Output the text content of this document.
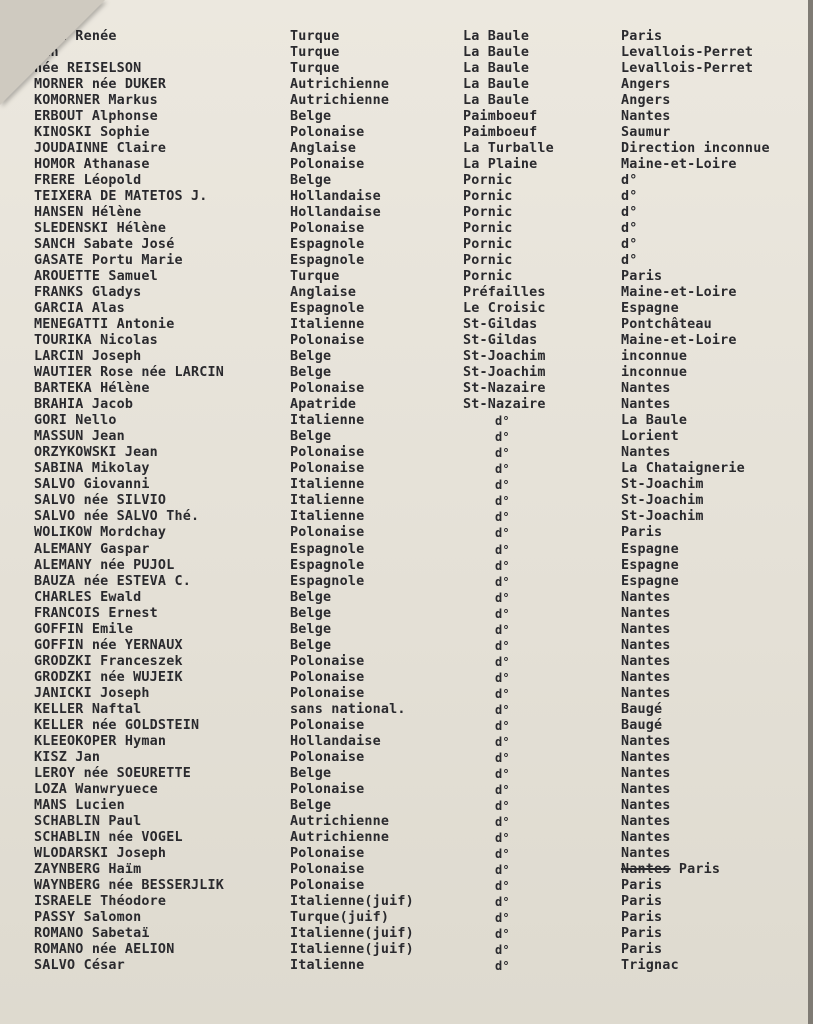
OHEN Renée	Turque	La Baule	Paris
ain	Turque	La Baule	Levallois-Perret
née REISELSON	Turque	La Baule	Levallois-Perret
MORNER née DUKER	Autrichienne	La Baule	Angers
KOMORNER Markus	Autrichienne	La Baule	Angers
ERBOUT Alphonse	Belge	Paimboeuf	Nantes
KINOSKI Sophie	Polonaise	Paimboeuf	Saumur
JOUDAINNE Claire	Anglaise	La Turballe	Direction inconnue
HOMOR Athanase	Polonaise	La Plaine	Maine-et-Loire
FRERE Léopold	Belge	Pornic	d°
TEIXERA DE MATETOS J.	Hollandaise	Pornic	d°
HANSEN Hélène	Hollandaise	Pornic	d°
SLEDENSKI Hélène	Polonaise	Pornic	d°
SANCH Sabate José	Espagnole	Pornic	d°
GASATE Portu Marie	Espagnole	Pornic	d°
AROUETTE Samuel	Turque	Pornic	Paris
FRANKS Gladys	Anglaise	Préfailles	Maine-et-Loire
GARCIA Alas	Espagnole	Le Croisic	Espagne
MENEGATTI Antonie	Italienne	St-Gildas	Pontchâteau
TOURIKA Nicolas	Polonaise	St-Gildas	Maine-et-Loire
LARCIN Joseph	Belge	St-Joachim	inconnue
WAUTIER Rose née LARCIN	Belge	St-Joachim	inconnue
BARTEKA Hélène	Polonaise	St-Nazaire	Nantes
BRAHIA Jacob	Apatride	St-Nazaire	Nantes
GORI Nello	Italienne	d°	La Baule
MASSUN Jean	Belge	d°	Lorient
ORZYKOWSKI Jean	Polonaise	d°	Nantes
SABINA Mikolay	Polonaise	d°	La Chataignerie
SALVO Giovanni	Italienne	d°	St-Joachim
SALVO née SILVIO	Italienne	d°	St-Joachim
SALVO née SALVO Thé.	Italienne	d°	St-Joachim
WOLIKOW Mordchay	Polonaise	d°	Paris
ALEMANY Gaspar	Espagnole	d°	Espagne
ALEMANY née PUJOL	Espagnole	d°	Espagne
BAUZA née ESTEVA C.	Espagnole	d°	Espagne
CHARLES Ewald	Belge	d°	Nantes
FRANCOIS Ernest	Belge	d°	Nantes
GOFFIN Emile	Belge	d°	Nantes
GOFFIN née YERNAUX	Belge	d°	Nantes
GRODZKI Franceszek	Polonaise	d°	Nantes
GRODZKI née WUJEIK	Polonaise	d°	Nantes
JANICKI Joseph	Polonaise	d°	Nantes
KELLER Naftal	sans national.	d°	Baugé
KELLER née GOLDSTEIN	Polonaise	d°	Baugé
KLEEOKOPER Hyman	Hollandaise	d°	Nantes
KISZ Jan	Polonaise	d°	Nantes
LEROY née SOEURETTE	Belge	d°	Nantes
LOZA Wanwryuece	Polonaise	d°	Nantes
MANS Lucien	Belge	d°	Nantes
SCHABLIN Paul	Autrichienne	d°	Nantes
SCHABLIN née VOGEL	Autrichienne	d°	Nantes
WLODARSKI Joseph	Polonaise	d°	Nantes
ZAYNBERG Haïm	Polonaise	d°	Nantes Paris
WAYNBERG née BESSERJLIK	Polonaise	d°	Paris
ISRAELE Théodore	Italienne(juif)	d°	Paris
PASSY Salomon	Turque(juif)	d°	Paris
ROMANO Sabetaï	Italienne(juif)	d°	Paris
ROMANO née AELION	Italienne(juif)	d°	Paris
SALVO César	Italienne	d°	Trignac
